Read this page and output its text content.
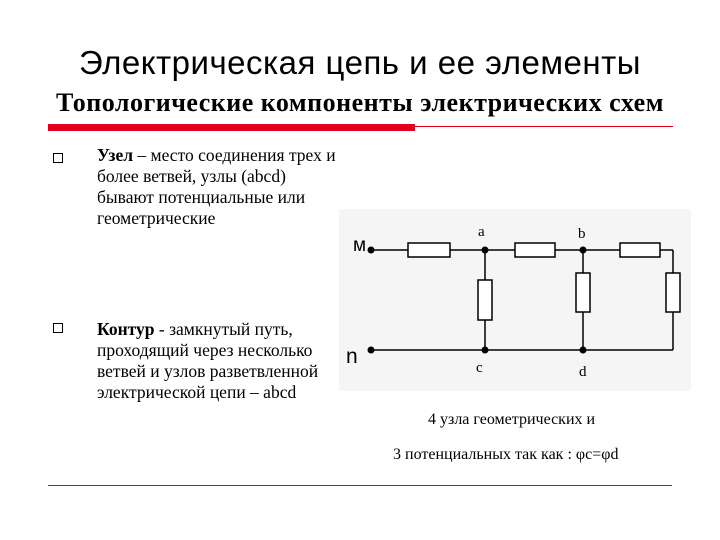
Электрическая цепь и ее элементы
Топологические компоненты электрических схем
Узел – место соединения трех и более ветвей, узлы (abcd) бывают потенциальные или геометрические
Контур - замкнутый путь, проходящий через несколько ветвей и узлов разветвленной электрической цепи – abcd
м
n
a	b
c	d
4 узла геометрических и
3 потенциальных так как : φc=φd
